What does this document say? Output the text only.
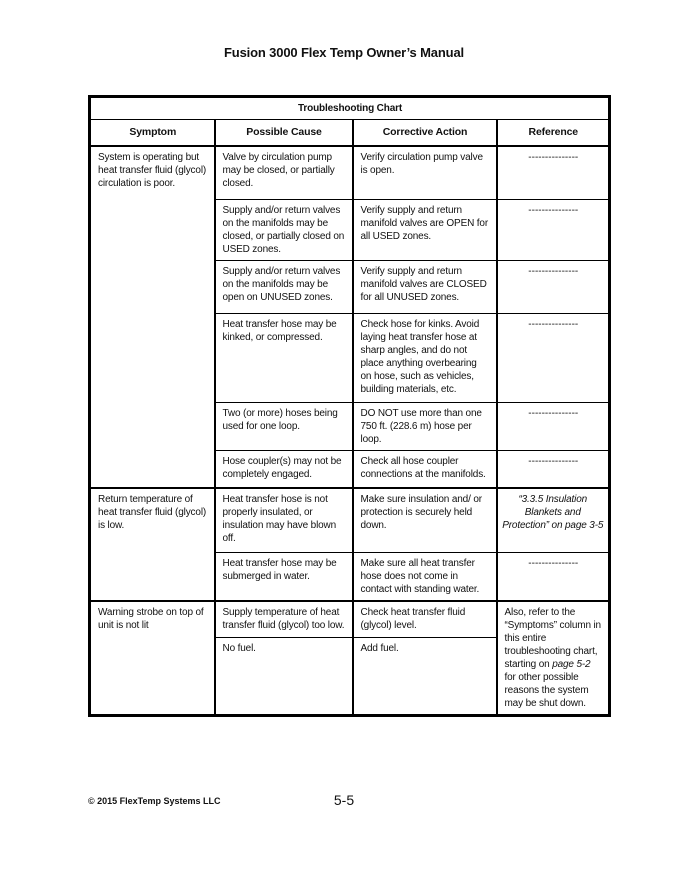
Fusion 3000 Flex Temp Owner’s Manual
Troubleshooting Chart			
Symptom	Possible Cause	Corrective Action	Reference
System is operating but heat transfer fluid (glycol) circulation is poor.	Valve by circulation pump may be closed, or partially closed.	Verify circulation pump valve is open.	---------------
	Supply and/or return valves on the manifolds may be closed, or partially closed on USED zones.	Verify supply and return manifold valves are OPEN for all USED zones.	---------------
	Supply and/or return valves on the manifolds may be open on UNUSED zones.	Verify supply and return manifold valves are CLOSED for all UNUSED zones.	---------------
	Heat transfer hose may be kinked, or compressed.	Check hose for kinks. Avoid laying heat transfer hose at sharp angles, and do not place anything overbearing on hose, such as vehicles, building materials, etc.	---------------
	Two (or more) hoses being used for one loop.	DO NOT use more than one 750 ft. (228.6 m) hose per loop.	---------------
	Hose coupler(s) may not be completely engaged.	Check all hose coupler connections at the manifolds.	---------------
Return temperature of heat transfer fluid (glycol) is low.	Heat transfer hose is not properly insulated, or insulation may have blown off.	Make sure insulation and/ or protection is securely held down.	“3.3.5 Insulation Blankets and Protection” on page 3-5
	Heat transfer hose may be submerged in water.	Make sure all heat transfer hose does not come in contact with standing water.	---------------
Warning strobe on top of unit is not lit	Supply temperature of heat transfer fluid (glycol) too low.	Check heat transfer fluid (glycol) level.	Also, refer to the “Symptoms” column in this entire troubleshooting chart, starting on page 5-2 for other possible reasons the system may be shut down.
	No fuel.	Add fuel.	
5-5
© 2015 FlexTemp Systems LLC
